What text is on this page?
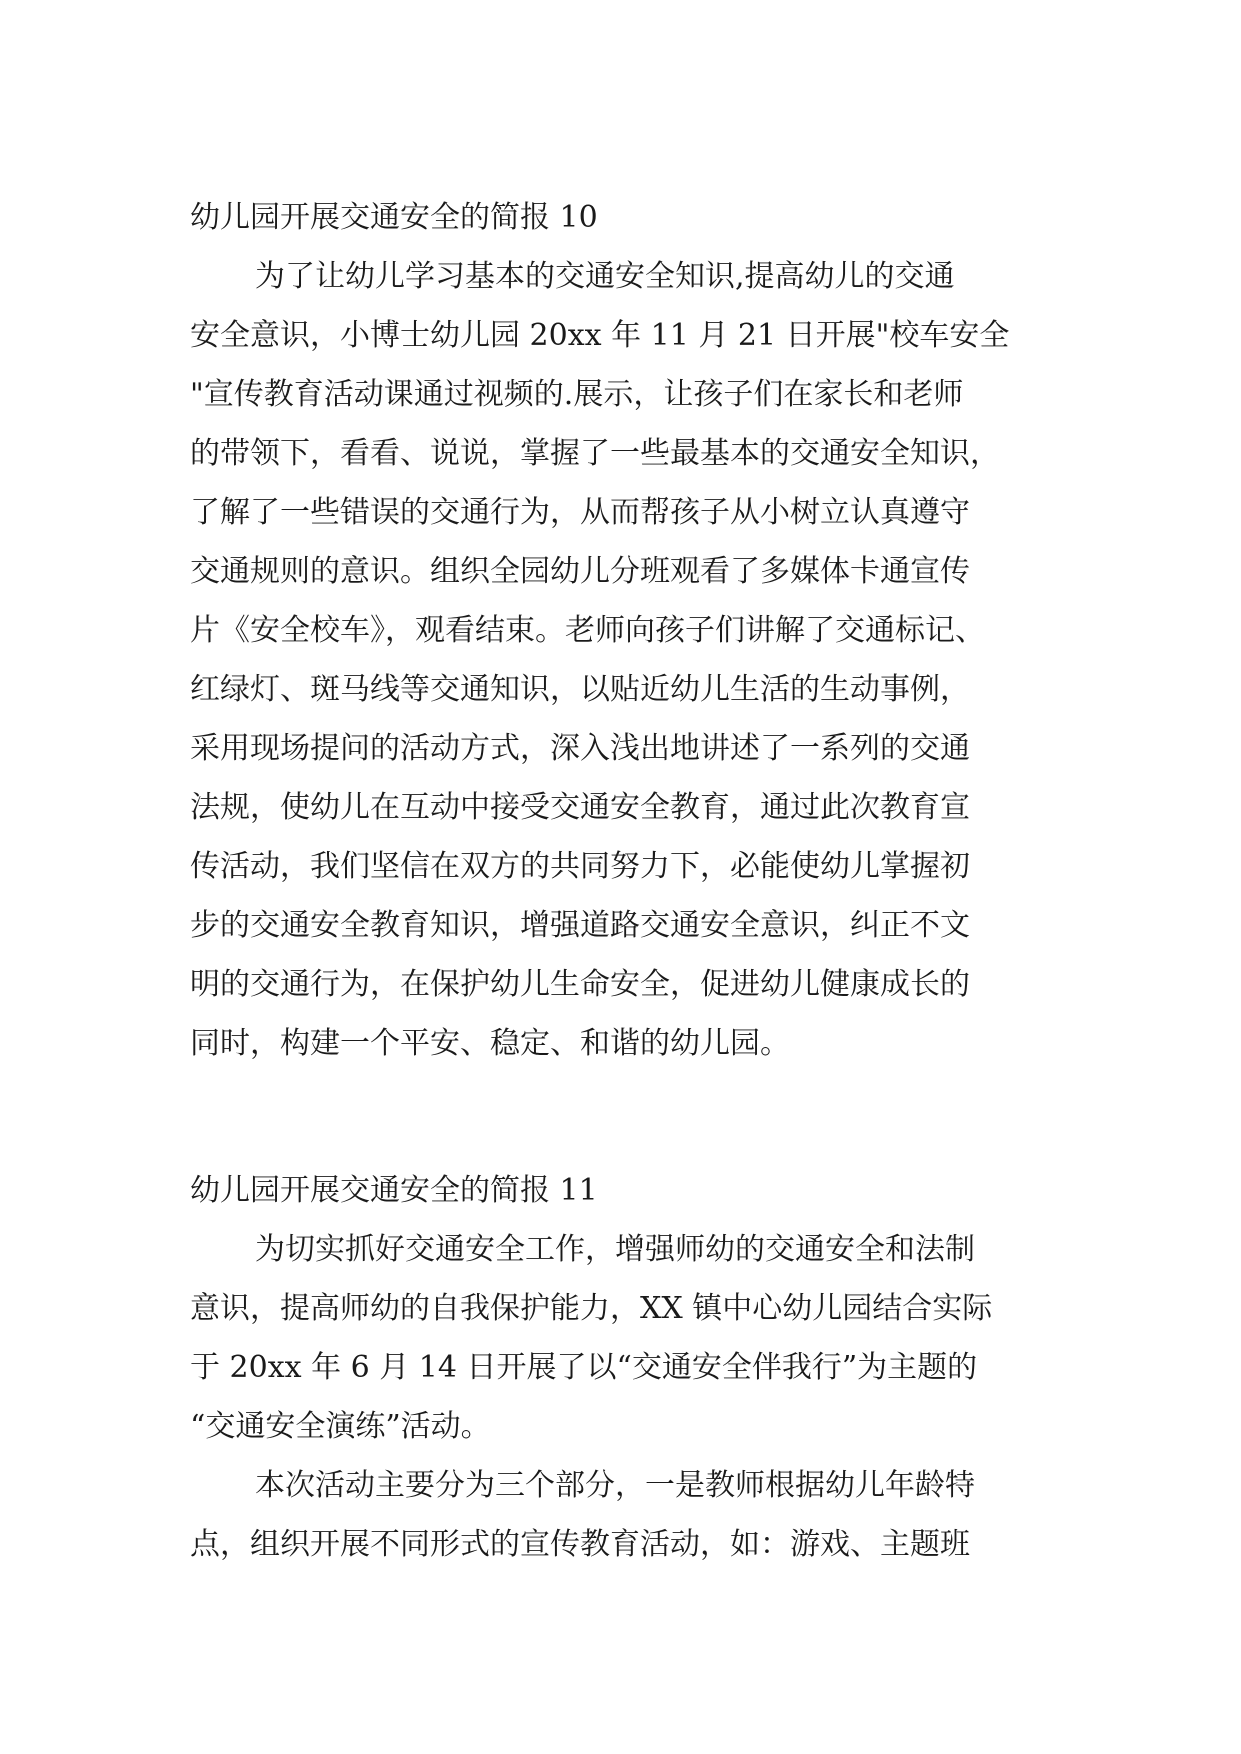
幼儿园开展交通安全的简报 10
为了让幼儿学习基本的交通安全知识,提高幼儿的交通
安全意识，小博士幼儿园 20xx 年 11 月 21 日开展"校车安全
"宣传教育活动课通过视频的.展示，让孩子们在家长和老师
的带领下，看看、说说，掌握了一些最基本的交通安全知识，
了解了一些错误的交通行为，从而帮孩子从小树立认真遵守
交通规则的意识。组织全园幼儿分班观看了多媒体卡通宣传
片《安全校车》，观看结束。老师向孩子们讲解了交通标记、
红绿灯、斑马线等交通知识，以贴近幼儿生活的生动事例，
采用现场提问的活动方式，深入浅出地讲述了一系列的交通
法规，使幼儿在互动中接受交通安全教育，通过此次教育宣
传活动，我们坚信在双方的共同努力下，必能使幼儿掌握初
步的交通安全教育知识，增强道路交通安全意识，纠正不文
明的交通行为，在保护幼儿生命安全，促进幼儿健康成长的
同时，构建一个平安、稳定、和谐的幼儿园。
幼儿园开展交通安全的简报 11
为切实抓好交通安全工作，增强师幼的交通安全和法制
意识，提高师幼的自我保护能力，XX 镇中心幼儿园结合实际
于 20xx 年 6 月 14 日开展了以“交通安全伴我行”为主题的
“交通安全演练”活动。
本次活动主要分为三个部分，一是教师根据幼儿年龄特
点，组织开展不同形式的宣传教育活动，如：游戏、主题班
